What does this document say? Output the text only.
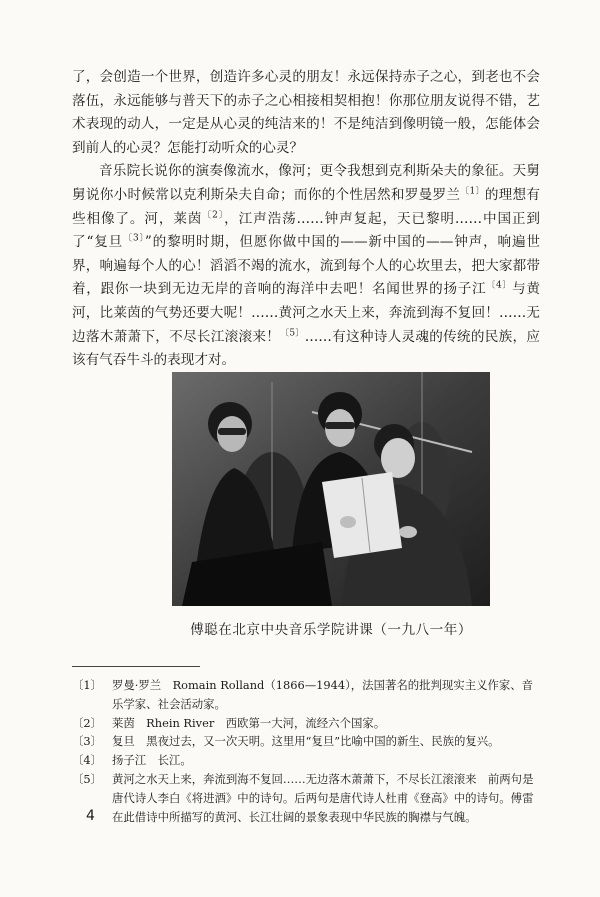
了，会创造一个世界，创造许多心灵的朋友！永远保持赤子之心，到老也不会落伍，永远能够与普天下的赤子之心相接相契相抱！你那位朋友说得不错，艺术表现的动人，一定是从心灵的纯洁来的！不是纯洁到像明镜一般，怎能体会到前人的心灵？怎能打动听众的心灵？

音乐院长说你的演奏像流水，像河；更令我想到克利斯朵夫的象征。天舅舅说你小时候常以克利斯朵夫自命；而你的个性居然和罗曼罗兰$^{〔1〕}$的理想有些相像了。河，莱茵$^{〔2〕}$，江声浩荡……钟声复起，天已黎明……中国正到了“复旦$^{〔3〕}$”的黎明时期，但愿你做中国的——新中国的——钟声，响遍世界，响遍每个人的心！滔滔不竭的流水，流到每个人的心坎里去，把大家都带着，跟你一块到无边无岸的音响的海洋中去吧！名闻世界的扬子江$^{〔4〕}$与黄河，比莱茵的气势还要大呢！……黄河之水天上来，奔流到海不复回！……无边落木萧萧下，不尽长江滚滚来！$^{〔5〕}$……有这种诗人灵魂的传统的民族，应该有气吞牛斗的表现才对。

傅聪在北京中央音乐学院讲课（一九八一年）
〔1〕 罗曼·罗兰　Romain Rolland（1866—1944），法国著名的批判现实主义作家、音乐学家、社会活动家。
〔2〕 莱茵　Rhein River　西欧第一大河，流经六个国家。
〔3〕 复旦　黑夜过去，又一次天明。这里用“复旦”比喻中国的新生、民族的复兴。
〔4〕 扬子江　长江。
〔5〕 黄河之水天上来，奔流到海不复回……无边落木萧萧下，不尽长江滚滚来　前两句是唐代诗人李白《将进酒》中的诗句。后两句是唐代诗人杜甫《登高》中的诗句。傅雷在此借诗中所描写的黄河、长江壮阔的景象表现中华民族的胸襟与气魄。
4
